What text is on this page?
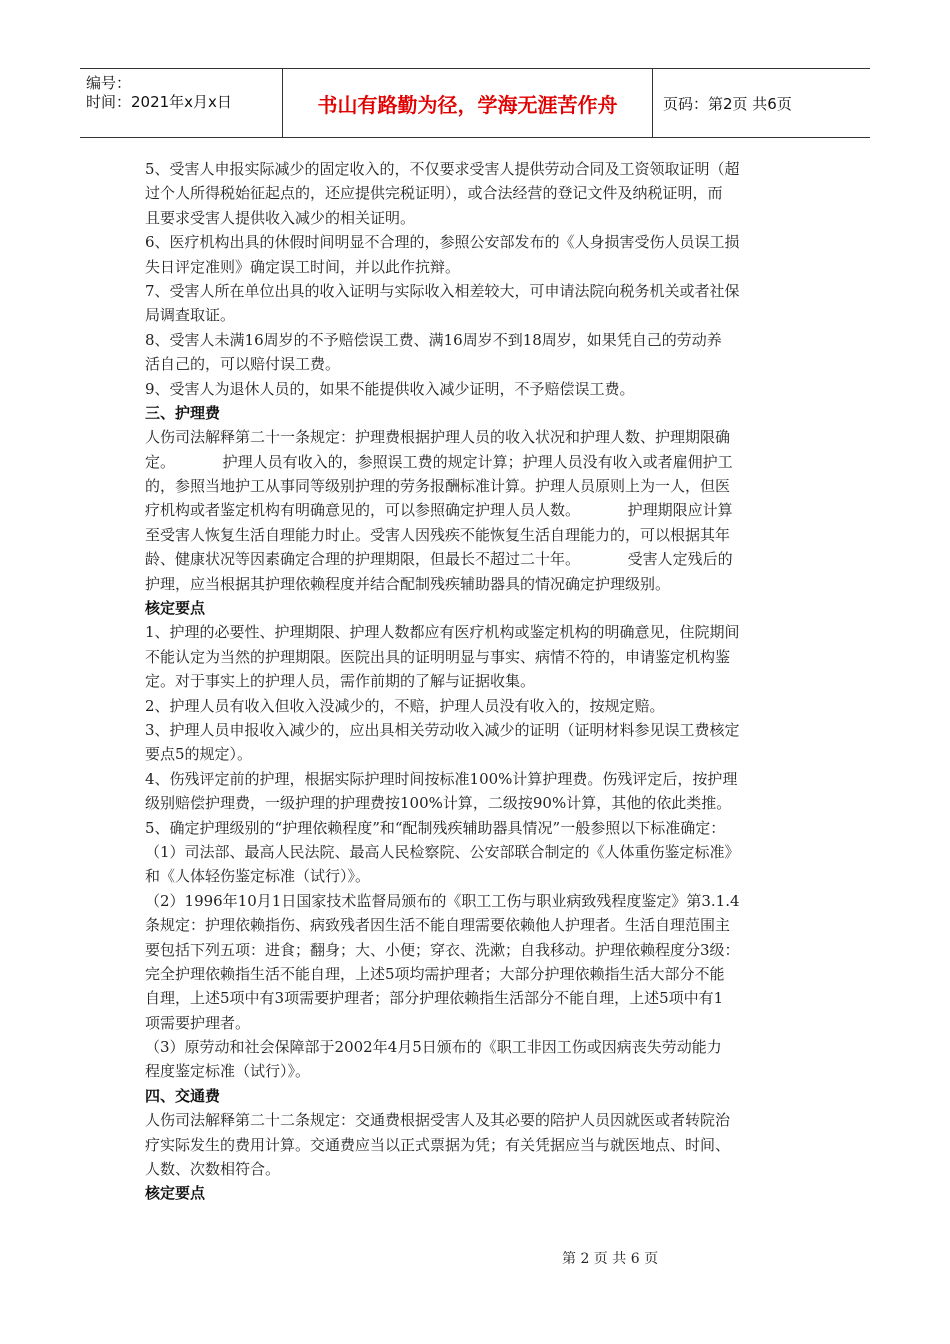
编号：
时间：2021年x月x日	书山有路勤为径，学海无涯苦作舟	页码：第2页 共6页
5、受害人申报实际减少的固定收入的，不仅要求受害人提供劳动合同及工资领取证明（超
过个人所得税始征起点的，还应提供完税证明），或合法经营的登记文件及纳税证明，而
且要求受害人提供收入减少的相关证明。
6、医疗机构出具的休假时间明显不合理的，参照公安部发布的《人身损害受伤人员误工损
失日评定准则》确定误工时间，并以此作抗辩。
7、受害人所在单位出具的收入证明与实际收入相差较大，可申请法院向税务机关或者社保
局调查取证。
8、受害人未满16周岁的不予赔偿误工费、满16周岁不到18周岁，如果凭自己的劳动养
活自己的，可以赔付误工费。
9、受害人为退休人员的，如果不能提供收入减少证明，不予赔偿误工费。
三、护理费
人伤司法解释第二十一条规定：护理费根据护理人员的收入状况和护理人数、护理期限确
定。          护理人员有收入的，参照误工费的规定计算；护理人员没有收入或者雇佣护工
的，参照当地护工从事同等级别护理的劳务报酬标准计算。护理人员原则上为一人，但医
疗机构或者鉴定机构有明确意见的，可以参照确定护理人员人数。          护理期限应计算
至受害人恢复生活自理能力时止。受害人因残疾不能恢复生活自理能力的，可以根据其年
龄、健康状况等因素确定合理的护理期限，但最长不超过二十年。          受害人定残后的
护理，应当根据其护理依赖程度并结合配制残疾辅助器具的情况确定护理级别。
核定要点
1、护理的必要性、护理期限、护理人数都应有医疗机构或鉴定机构的明确意见，住院期间
不能认定为当然的护理期限。医院出具的证明明显与事实、病情不符的，申请鉴定机构鉴
定。对于事实上的护理人员，需作前期的了解与证据收集。
2、护理人员有收入但收入没减少的，不赔，护理人员没有收入的，按规定赔。
3、护理人员申报收入减少的，应出具相关劳动收入减少的证明（证明材料参见误工费核定
要点5的规定）。
4、伤残评定前的护理，根据实际护理时间按标准100%计算护理费。伤残评定后，按护理
级别赔偿护理费，一级护理的护理费按100%计算，二级按90%计算，其他的依此类推。
5、确定护理级别的“护理依赖程度”和“配制残疾辅助器具情况”一般参照以下标准确定：
（1）司法部、最高人民法院、最高人民检察院、公安部联合制定的《人体重伤鉴定标准》
和《人体轻伤鉴定标准（试行）》。
（2）1996年10月1日国家技术监督局颁布的《职工工伤与职业病致残程度鉴定》第3.1.4
条规定：护理依赖指伤、病致残者因生活不能自理需要依赖他人护理者。生活自理范围主
要包括下列五项：进食；翻身；大、小便；穿衣、洗漱；自我移动。护理依赖程度分3级：
完全护理依赖指生活不能自理，上述5项均需护理者；大部分护理依赖指生活大部分不能
自理，上述5项中有3项需要护理者；部分护理依赖指生活部分不能自理，上述5项中有1
项需要护理者。
（3）原劳动和社会保障部于2002年4月5日颁布的《职工非因工伤或因病丧失劳动能力
程度鉴定标准（试行）》。
四、交通费
人伤司法解释第二十二条规定：交通费根据受害人及其必要的陪护人员因就医或者转院治
疗实际发生的费用计算。交通费应当以正式票据为凭；有关凭据应当与就医地点、时间、
人数、次数相符合。
核定要点
第 2 页 共 6 页
